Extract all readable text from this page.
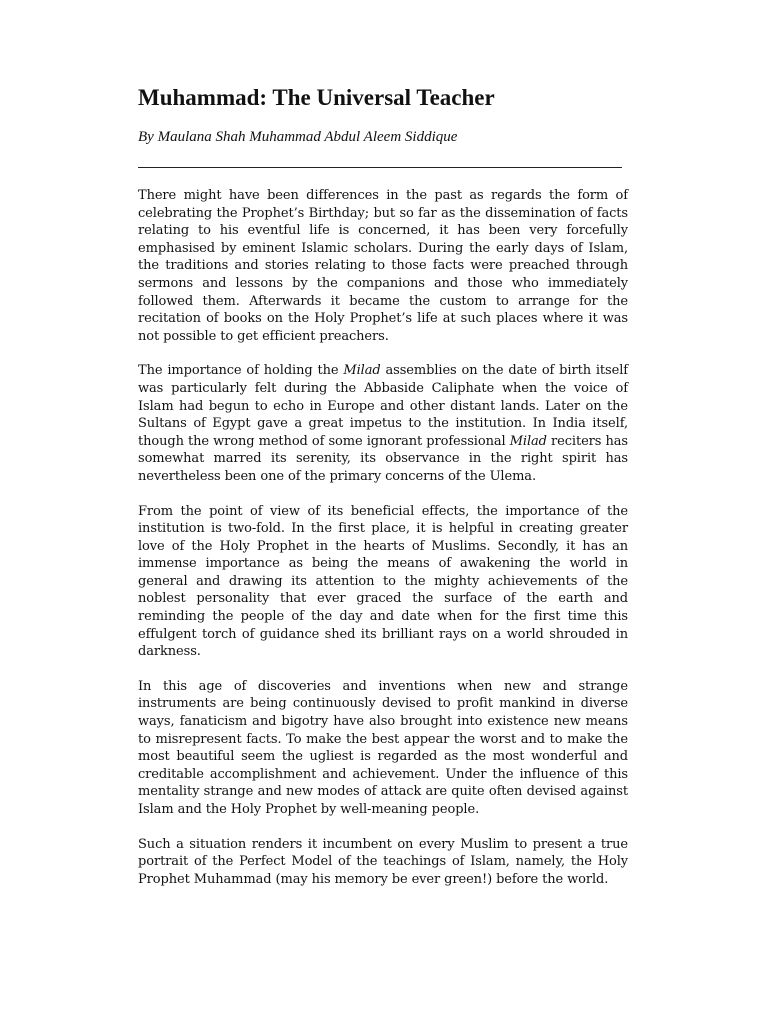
Muhammad: The Universal Teacher

By Maulana Shah Muhammad Abdul Aleem Siddique

There might have been differences in the past as regards the form of celebrating the Prophet’s Birthday; but so far as the dissemination of facts relating to his eventful life is concerned, it has been very forcefully emphasised by eminent Islamic scholars. During the early days of Islam, the traditions and stories relating to those facts were preached through sermons and lessons by the companions and those who immediately followed them. Afterwards it became the custom to arrange for the recitation of books on the Holy Prophet’s life at such places where it was not possible to get efficient preachers.

The importance of holding the Milad assemblies on the date of birth itself was particularly felt during the Abbaside Caliphate when the voice of Islam had begun to echo in Europe and other distant lands. Later on the Sultans of Egypt gave a great impetus to the institution. In India itself, though the wrong method of some ignorant professional Milad reciters has somewhat marred its serenity, its observance in the right spirit has nevertheless been one of the primary concerns of the Ulema.

From the point of view of its beneficial effects, the importance of the institution is two-fold. In the first place, it is helpful in creating greater love of the Holy Prophet in the hearts of Muslims. Secondly, it has an immense importance as being the means of awakening the world in general and drawing its attention to the mighty achievements of the noblest personality that ever graced the surface of the earth and reminding the people of the day and date when for the first time this effulgent torch of guidance shed its brilliant rays on a world shrouded in darkness.

In this age of discoveries and inventions when new and strange instruments are being continuously devised to profit mankind in diverse ways, fanaticism and bigotry have also brought into existence new means to misrepresent facts. To make the best appear the worst and to make the most beautiful seem the ugliest is regarded as the most wonderful and creditable accomplishment and achievement. Under the influence of this mentality strange and new modes of attack are quite often devised against Islam and the Holy Prophet by well-meaning people.

Such a situation renders it incumbent on every Muslim to present a true portrait of the Perfect Model of the teachings of Islam, namely, the Holy Prophet Muhammad (may his memory be ever green!) before the world.
